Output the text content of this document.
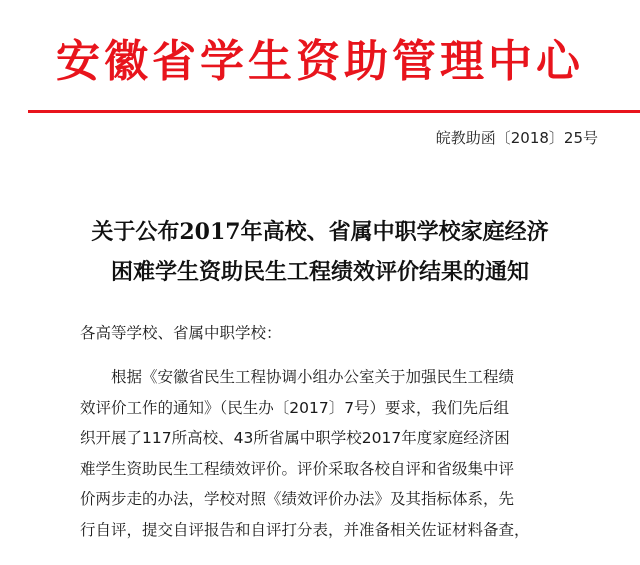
安徽省学生资助管理中心
皖教助函〔2018〕25号
关于公布2017年高校、省属中职学校家庭经济
困难学生资助民生工程绩效评价结果的通知
各高等学校、省属中职学校：
根据《安徽省民生工程协调小组办公室关于加强民生工程绩
效评价工作的通知》（民生办〔2017〕7号）要求，我们先后组
织开展了117所高校、43所省属中职学校2017年度家庭经济困
难学生资助民生工程绩效评价。评价采取各校自评和省级集中评
价两步走的办法，学校对照《绩效评价办法》及其指标体系，先
行自评，提交自评报告和自评打分表，并准备相关佐证材料备查，
